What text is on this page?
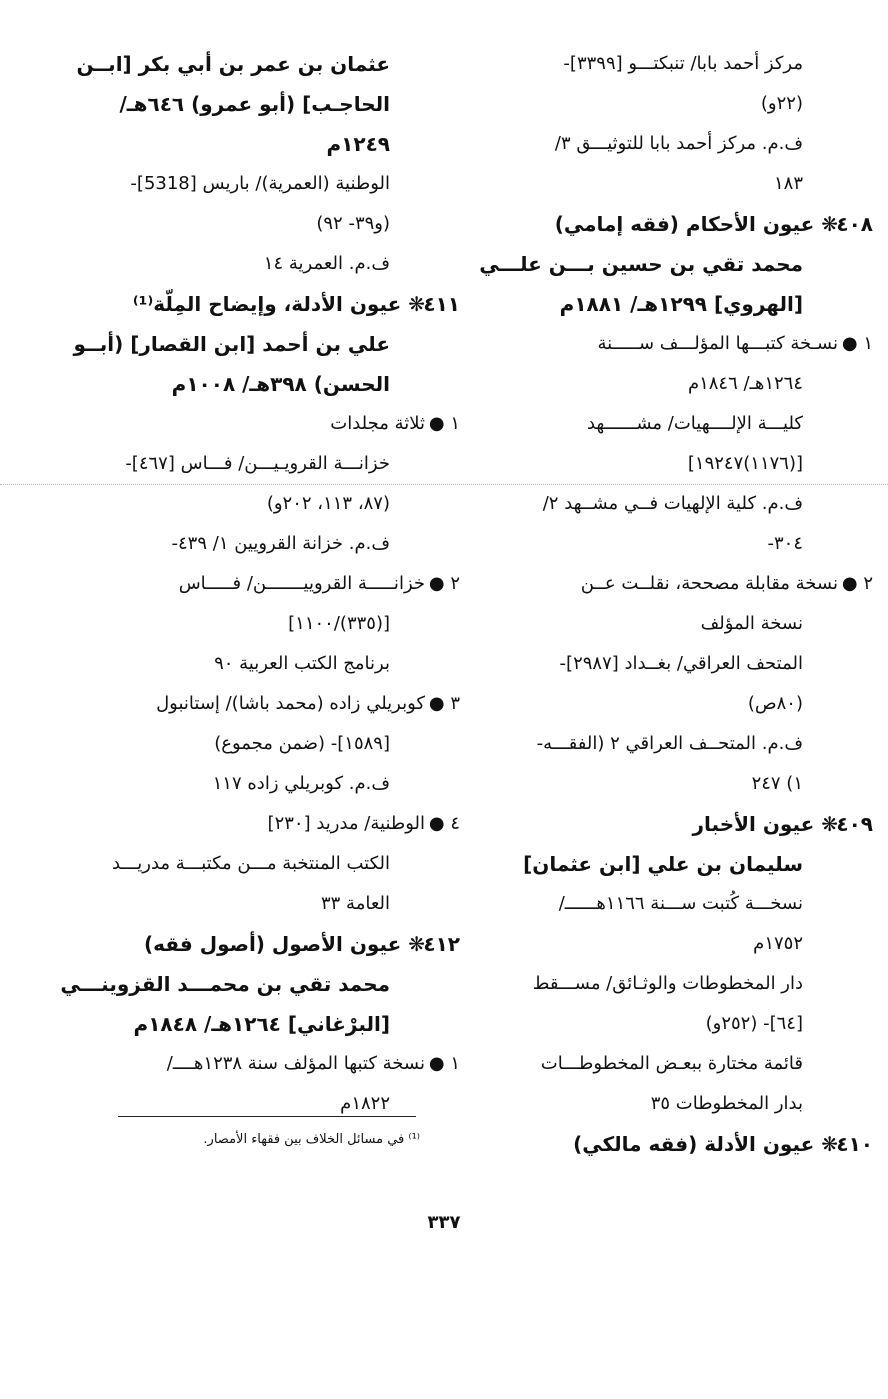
مركز أحمد بابا/ تنبكتـــو [٣٣٩٩]-
(٢٢و)
ف.م. مركز أحمد بابا للتوثيـــق ٣/
١٨٣
٤٠٨❋ عيون الأحكام (فقه إمامي)
محمد تقي بن حسين بـــن علـــي
[الهروي] ١٢٩٩هـ/ ١٨٨١م
١ ●نسـخة كتبـــها المؤلـــف ســـــنة
١٢٦٤هـ/ ١٨٤٦م
كليـــة الإلــــهيات/ مشــــــهد
[(١١٧٦)١٩٢٤٧]
ف.م. كلية الإلهيات فــي مشــهد ٢/
٣٠٤-
٢ ●نسخة مقابلة مصححة، نقلــت عــن
نسخة المؤلف
المتحف العراقي/ بغــداد [٢٩٨٧]-
(٨٠ص)
ف.م. المتحــف العراقي ٢ (الفقـــه-
١) ٢٤٧
٤٠٩❋ عيون الأخبار
سليمان بن علي [ابن عثمان]
نسخـــة كُتبت ســـنة ١١٦٦هــــــ/
١٧٥٢م
دار المخطوطات والوثـائق/ مســـقط
[٦٤]- (٢٥٢و)
قائمة مختارة ببعـض المخطوطـــات
بدار المخطوطات ٣٥
٤١٠❋ عيون الأدلة (فقه مالكي)
عثمان بن عمر بن أبي بكر [ابــن
الحاجـب] (أبو عمرو) ٦٤٦هـ/
١٢٤٩م
الوطنية (العمرية)/ باريس [5318]-
(و٣٩- ٩٢)
ف.م. العمرية ١٤
٤١١❋ عيون الأدلة، وإيضاح المِلّة⁽¹⁾
علي بن أحمد [ابن القصار] (أبــو
الحسن) ٣٩٨هـ/ ١٠٠٨م
١ ●ثلاثة مجلدات
خزانـــة القرويـيـــن/ فـــاس [٤٦٧]-
(٨٧، ١١٣، ٢٠٢و)
ف.م. خزانة القرويين ١/ ٤٣٩-
٢ ●خزانـــــة القروييـــــــن/ فـــــاس
[(٣٣٥)/١١٠٠]
برنامج الكتب العربية ٩٠
٣ ●كوبريلي زاده (محمد باشا)/ إستانبول
[١٥٨٩]- (ضمن مجموع)
ف.م. كوبريلي زاده ١١٧
٤ ●الوطنية/ مدريد [٢٣٠]
الكتب المنتخبة مـــن مكتبـــة مدريـــد
العامة ٣٣
٤١٢❋ عيون الأصول (أصول فقه)
محمد تقي بن محمـــد القزوينـــي
[البرْغاني] ١٢٦٤هـ/ ١٨٤٨م
١ ●نسخة كتبها المؤلف سنة ١٢٣٨هــــ/
١٨٢٢م
⁽¹⁾ في مسائل الخلاف بين فقهاء الأمصار.
٣٣٧
